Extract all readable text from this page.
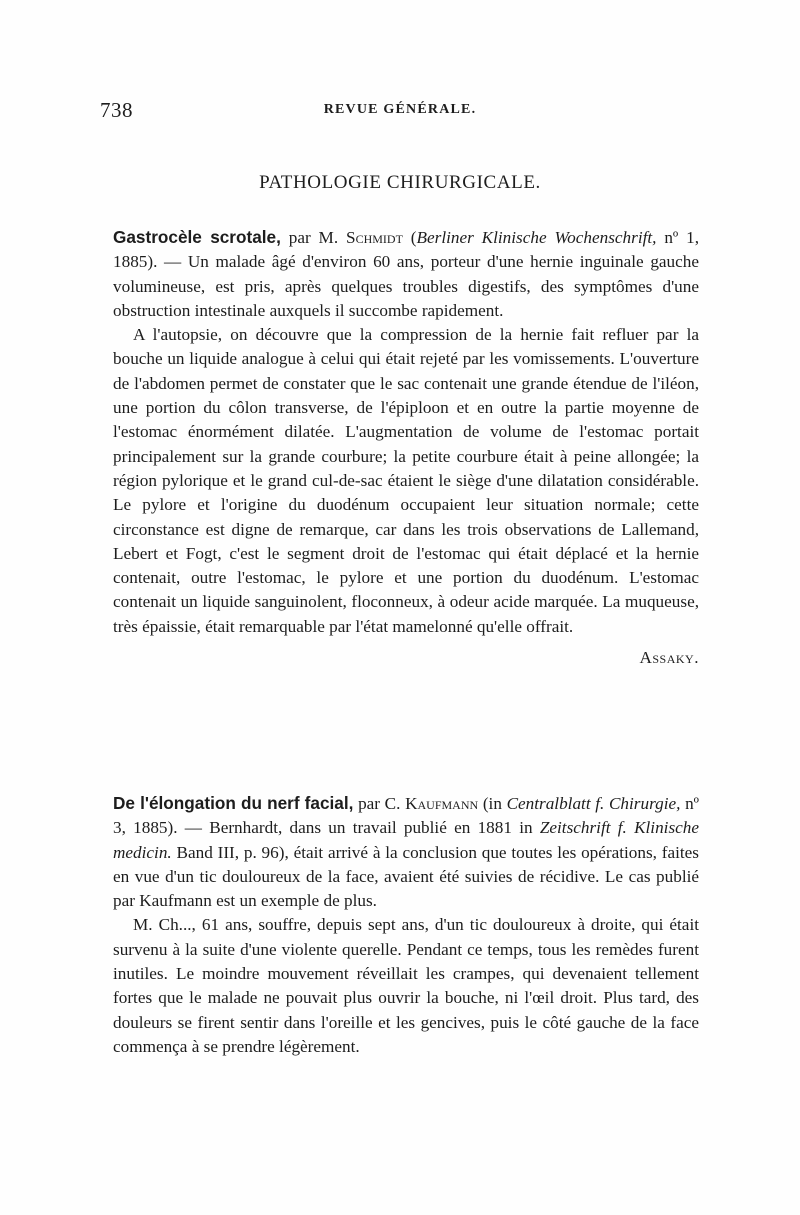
738	REVUE GÉNÉRALE.
PATHOLOGIE CHIRURGICALE.

Gastrocèle scrotale, par M. Schmidt (Berliner Klinische Wochenschrift, nº 1, 1885). — Un malade âgé d'environ 60 ans, porteur d'une hernie inguinale gauche volumineuse, est pris, après quelques troubles digestifs, des symptômes d'une obstruction intestinale auxquels il succombe rapidement.

A l'autopsie, on découvre que la compression de la hernie fait refluer par la bouche un liquide analogue à celui qui était rejeté par les vomissements. L'ouverture de l'abdomen permet de constater que le sac contenait une grande étendue de l'iléon, une portion du côlon transverse, de l'épiploon et en outre la partie moyenne de l'estomac énormément dilatée. L'augmentation de volume de l'estomac portait principalement sur la grande courbure; la petite courbure était à peine allongée; la région pylorique et le grand cul-de-sac étaient le siège d'une dilatation considérable. Le pylore et l'origine du duodénum occupaient leur situation normale; cette circonstance est digne de remarque, car dans les trois observations de Lallemand, Lebert et Fogt, c'est le segment droit de l'estomac qui était déplacé et la hernie contenait, outre l'estomac, le pylore et une portion du duodénum. L'estomac contenait un liquide sanguinolent, floconneux, à odeur acide marquée. La muqueuse, très épaissie, était remarquable par l'état mamelonné qu'elle offrait.

Assaky.

De l'élongation du nerf facial, par C. Kaufmann (in Centralblatt f. Chirurgie, nº 3, 1885). — Bernhardt, dans un travail publié en 1881 in Zeitschrift f. Klinische medicin. Band III, p. 96), était arrivé à la conclusion que toutes les opérations, faites en vue d'un tic douloureux de la face, avaient été suivies de récidive. Le cas publié par Kaufmann est un exemple de plus.

M. Ch..., 61 ans, souffre, depuis sept ans, d'un tic douloureux à droite, qui était survenu à la suite d'une violente querelle. Pendant ce temps, tous les remèdes furent inutiles. Le moindre mouvement réveillait les crampes, qui devenaient tellement fortes que le malade ne pouvait plus ouvrir la bouche, ni l'œil droit. Plus tard, des douleurs se firent sentir dans l'oreille et les gencives, puis le côté gauche de la face commença à se prendre légèrement.
